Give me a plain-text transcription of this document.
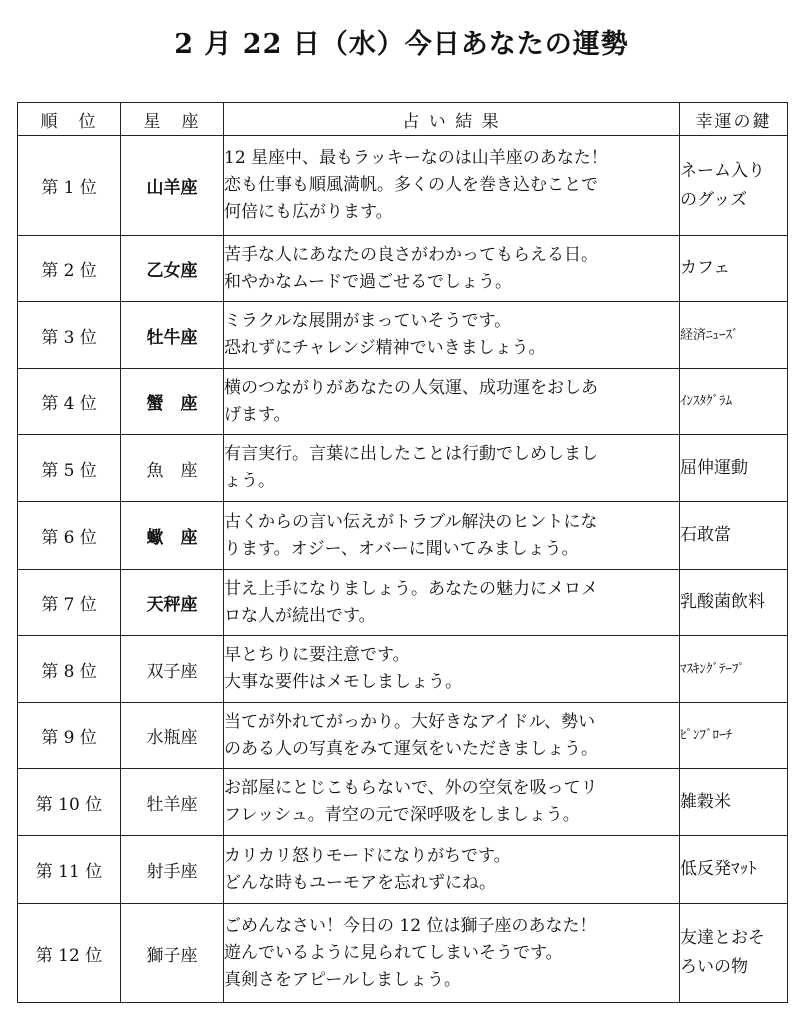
2 月 22 日（水）今日あなたの運勢
順　位	星　座	占 い 結 果	幸運の鍵
第 1 位	山羊座	12 星座中、最もラッキーなのは山羊座のあなた！
恋も仕事も順風満帆。多くの人を巻き込むことで
何倍にも広がります。	ネーム入り
のグッズ

第 2 位	乙女座	苦手な人にあなたの良さがわかってもらえる日。
和やかなムードで過ごせるでしょう。	カフェ

第 3 位	牡牛座	ミラクルな展開がまっていそうです。
恐れずにチャレンジ精神でいきましょう。	経済ﾆｭｰｽﾞ

第 4 位	蟹　座	横のつながりがあなたの人気運、成功運をおしあ
げます。	ｲﾝｽﾀｸﾞﾗﾑ

第 5 位	魚　座	有言実行。言葉に出したことは行動でしめしまし
ょう。	屈伸運動

第 6 位	蠍　座	古くからの言い伝えがトラブル解決のヒントにな
ります。オジー、オバーに聞いてみましょう。	石敢當

第 7 位	天秤座	甘え上手になりましょう。あなたの魅力にメロメ
ロな人が続出です。	乳酸菌飲料

第 8 位	双子座	早とちりに要注意です。
大事な要件はメモしましょう。	ﾏｽｷﾝｸﾞﾃｰﾌﾟ

第 9 位	水瓶座	当てが外れてがっかり。大好きなアイドル、勢い
のある人の写真をみて運気をいただきましょう。	ﾋﾟﾝﾌﾞﾛｰﾁ

第 10 位	牡羊座	お部屋にとじこもらないで、外の空気を吸ってリ
フレッシュ。青空の元で深呼吸をしましょう。	雑穀米

第 11 位	射手座	カリカリ怒りモードになりがちです。
どんな時もユーモアを忘れずにね。	低反発ﾏｯﾄ

第 12 位	獅子座	ごめんなさい！今日の 12 位は獅子座のあなた！
遊んでいるように見られてしまいそうです。
真剣さをアピールしましょう。	友達とおそ
ろいの物
